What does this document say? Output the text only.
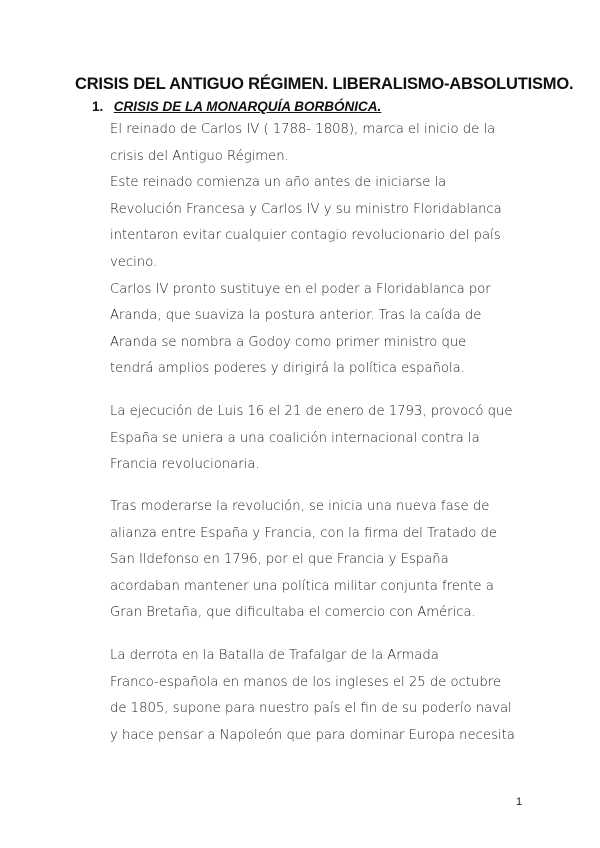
CRISIS DEL ANTIGUO RÉGIMEN. LIBERALISMO-ABSOLUTISMO.
1. CRISIS DE LA MONARQUÍA BORBÓNICA.
El reinado de Carlos IV ( 1788- 1808), marca el inicio de la
crisis del Antiguo Régimen.
Este reinado comienza un año antes de iniciarse la
Revolución Francesa y Carlos IV y su ministro Floridablanca
intentaron evitar cualquier contagio revolucionario del país
vecino.
Carlos IV pronto sustituye en el poder a Floridablanca por
Aranda, que suaviza la postura anterior. Tras la caída de
Aranda se nombra a Godoy como primer ministro que
tendrá amplios poderes y dirigirá la política española.
La ejecución de Luis 16 el 21 de enero de 1793, provocó que
España se uniera a una coalición internacional contra la
Francia revolucionaria.
Tras moderarse la revolución, se inicia una nueva fase de
alianza entre España y Francia, con la firma del Tratado de
San Ildefonso en 1796, por el que Francia y España
acordaban mantener una política militar conjunta frente a
Gran Bretaña, que dificultaba el comercio con América.
La derrota en la Batalla de Trafalgar de la Armada
Franco-española en manos de los ingleses el 25 de octubre
de 1805, supone para nuestro país el fin de su poderío naval
y hace pensar a Napoleón que para dominar Europa necesita
1
